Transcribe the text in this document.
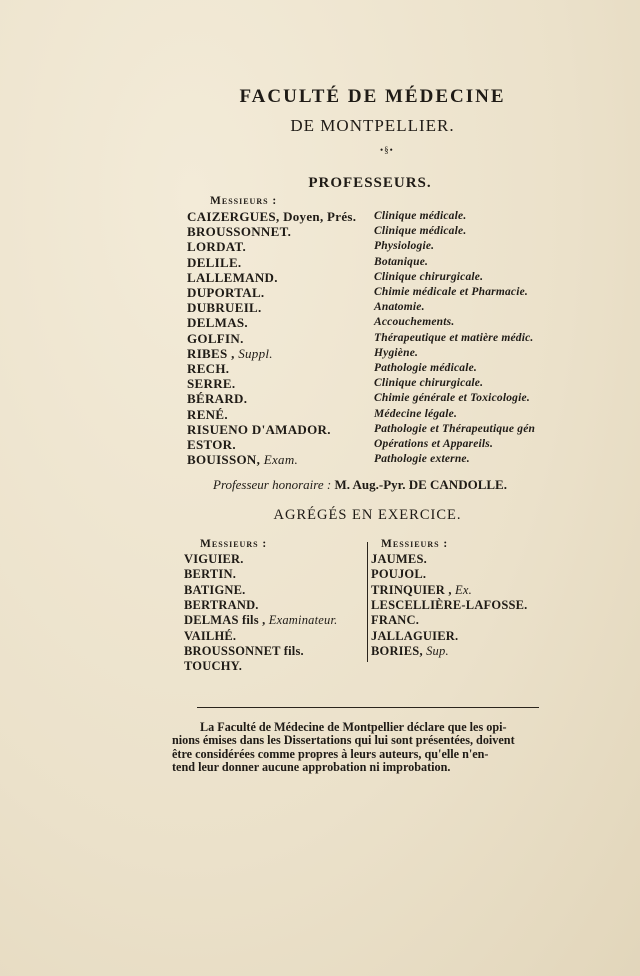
FACULTÉ DE MÉDECINE
DE MONTPELLIER.
•§•
PROFESSEURS.
Messieurs :
CAIZERGUES, Doyen, Prés.
BROUSSONNET.
LORDAT.
DELILE.
LALLEMAND.
DUPORTAL.
DUBRUEIL.
DELMAS.
GOLFIN.
RIBES , Suppl.
RECH.
SERRE.
BÉRARD.
RENÉ.
RISUENO D'AMADOR.
ESTOR.
BOUISSON, Exam.
Clinique médicale.
Clinique médicale.
Physiologie.
Botanique.
Clinique chirurgicale.
Chimie médicale et Pharmacie.
Anatomie.
Accouchements.
Thérapeutique et matière médic.
Hygiène.
Pathologie médicale.
Clinique chirurgicale.
Chimie générale et Toxicologie.
Médecine légale.
Pathologie et Thérapeutique gén
Opérations et Appareils.
Pathologie externe.
Professeur honoraire : M. Aug.-Pyr. DE CANDOLLE.
AGRÉGÉS EN EXERCICE.
Messieurs :	Messieurs :
VIGUIER.
BERTIN.
BATIGNE.
BERTRAND.
DELMAS fils , Examinateur.
VAILHÉ.
BROUSSONNET fils.
TOUCHY.
JAUMES.
POUJOL.
TRINQUIER , Ex.
LESCELLIÈRE-LAFOSSE.
FRANC.
JALLAGUIER.
BORIES, Sup.
La Faculté de Médecine de Montpellier déclare que les opi-
nions émises dans les Dissertations qui lui sont présentées, doivent
être considérées comme propres à leurs auteurs, qu'elle n'en-
tend leur donner aucune approbation ni improbation.
